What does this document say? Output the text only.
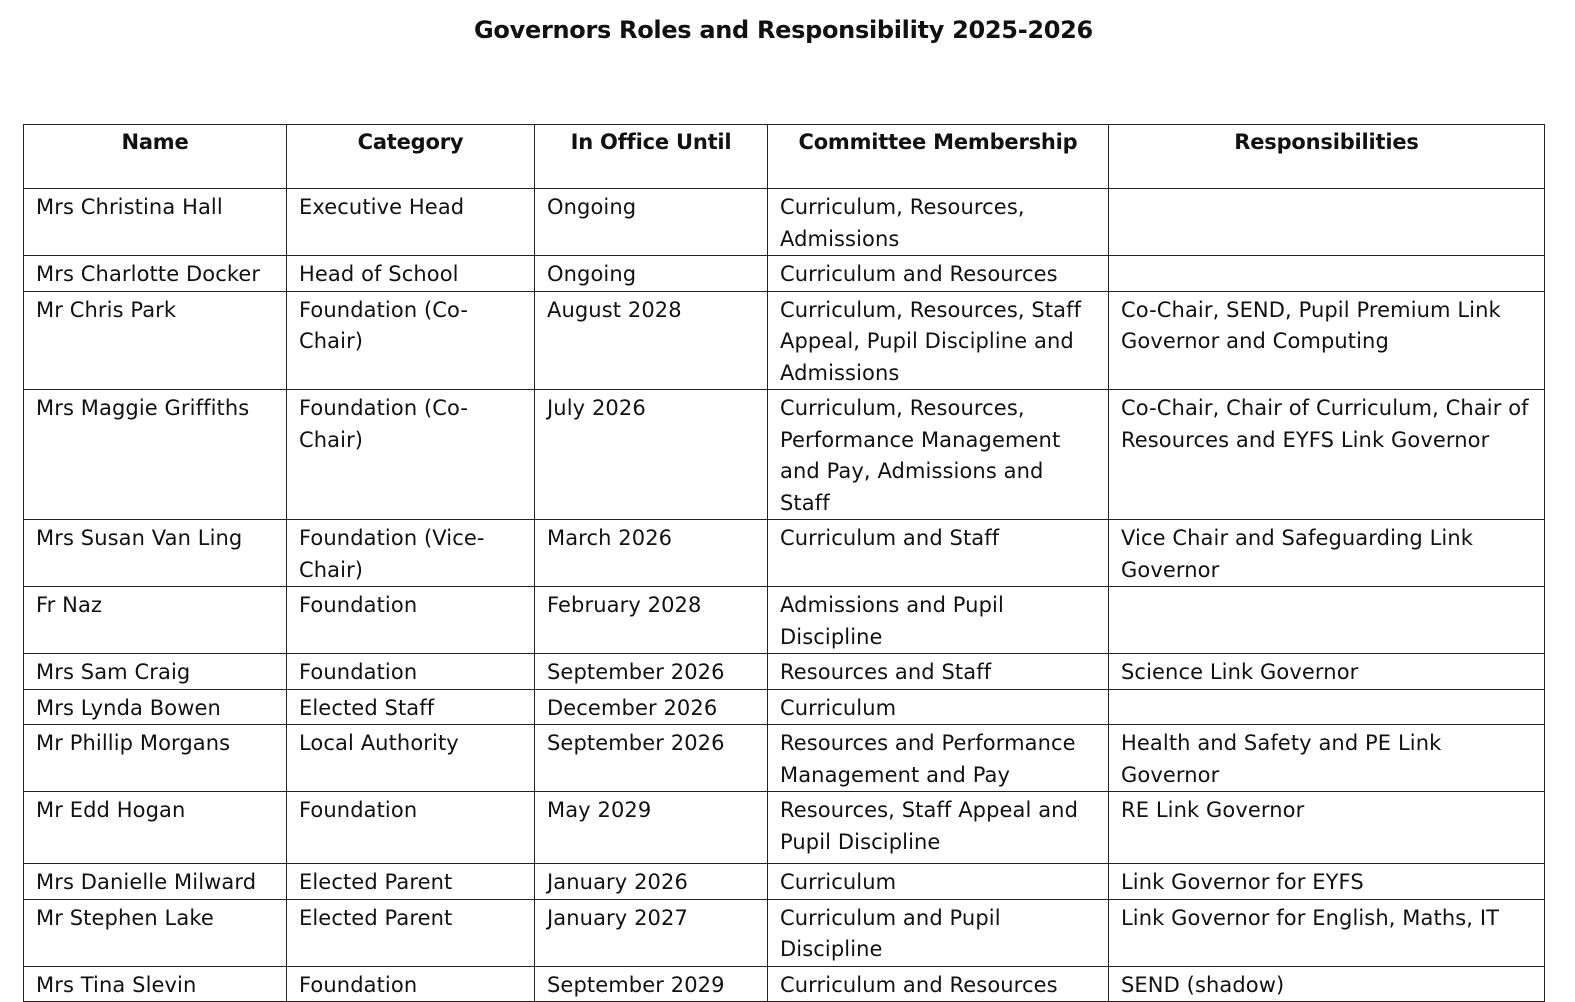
Governors Roles and Responsibility 2025-2026
Name	Category	In Office Until	Committee Membership	Responsibilities
Mrs Christina Hall	Executive Head	Ongoing	Curriculum, Resources, Admissions	
Mrs Charlotte Docker	Head of School	Ongoing	Curriculum and Resources	
Mr Chris Park	Foundation (Co-Chair)	August 2028	Curriculum, Resources, Staff Appeal, Pupil Discipline and Admissions	Co-Chair, SEND, Pupil Premium Link Governor and Computing
Mrs Maggie Griffiths	Foundation (Co-Chair)	July 2026	Curriculum, Resources, Performance Management and Pay, Admissions and Staff	Co-Chair, Chair of Curriculum, Chair of Resources and EYFS Link Governor
Mrs Susan Van Ling	Foundation (Vice-Chair)	March 2026	Curriculum and Staff	Vice Chair and Safeguarding Link Governor
Fr Naz	Foundation	February 2028	Admissions and Pupil Discipline	
Mrs Sam Craig	Foundation	September 2026	Resources and Staff	Science Link Governor
Mrs Lynda Bowen	Elected Staff	December 2026	Curriculum	
Mr Phillip Morgans	Local Authority	September 2026	Resources and Performance Management and Pay	Health and Safety and PE Link Governor
Mr Edd Hogan	Foundation	May 2029	Resources, Staff Appeal and Pupil Discipline	RE Link Governor
Mrs Danielle Milward	Elected Parent	January 2026	Curriculum	Link Governor for EYFS
Mr Stephen Lake	Elected Parent	January 2027	Curriculum and Pupil Discipline	Link Governor for English, Maths, IT
Mrs Tina Slevin	Foundation	September 2029	Curriculum and Resources	SEND (shadow)
